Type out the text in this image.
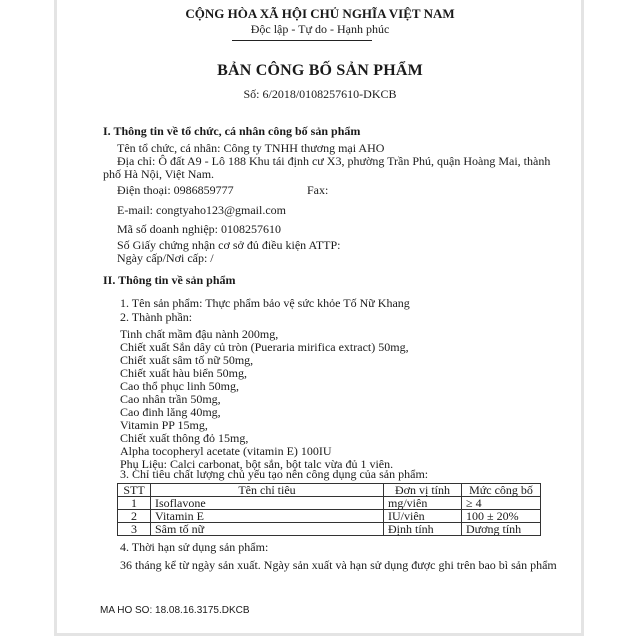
CỘNG HÒA XÃ HỘI CHỦ NGHĨA VIỆT NAM
Độc lập - Tự do - Hạnh phúc
BẢN CÔNG BỐ SẢN PHẨM
Số: 6/2018/0108257610-DKCB
I. Thông tin về tổ chức, cá nhân công bố sản phẩm
Tên tổ chức, cá nhân: Công ty TNHH thương mại AHO
Địa chỉ: Ô đất A9 - Lô 188 Khu tái định cư X3, phường Trần Phú, quận Hoàng Mai, thành
phố Hà Nội, Việt Nam.
Điện thoại: 0986859777	Fax:
E-mail: congtyaho123@gmail.com
Mã số doanh nghiệp: 0108257610
Số Giấy chứng nhận cơ sở đủ điều kiện ATTP:
Ngày cấp/Nơi cấp: /
II. Thông tin về sản phẩm
1. Tên sản phẩm: Thực phẩm bảo vệ sức khỏe Tố Nữ Khang
2. Thành phần:
Tinh chất mầm đậu nành 200mg,
Chiết xuất Sắn dây củ tròn (Pueraria mirifica extract) 50mg,
Chiết xuất sâm tố nữ 50mg,
Chiết xuất hàu biển 50mg,
Cao thổ phục linh 50mg,
Cao nhân trần 50mg,
Cao đinh lăng 40mg,
Vitamin PP 15mg,
Chiết xuất thông đỏ 15mg,
Alpha tocopheryl acetate (vitamin E) 100IU
Phụ Liệu: Calci carbonat, bột sắn, bột talc vừa đủ 1 viên.
3. Chỉ tiêu chất lượng chủ yếu tạo nên công dụng của sản phẩm:
STT	Tên chỉ tiêu	Đơn vị tính	Mức công bố
1	Isoflavone	mg/viên	≥ 4
2	Vitamin E	IU/viên	100 ± 20%
3	Sâm tố nữ	Định tính	Dương tính
4. Thời hạn sử dụng sản phẩm:
36 tháng kể từ ngày sản xuất. Ngày sản xuất và hạn sử dụng được ghi trên bao bì sản phẩm
MA HO SO: 18.08.16.3175.DKCB
